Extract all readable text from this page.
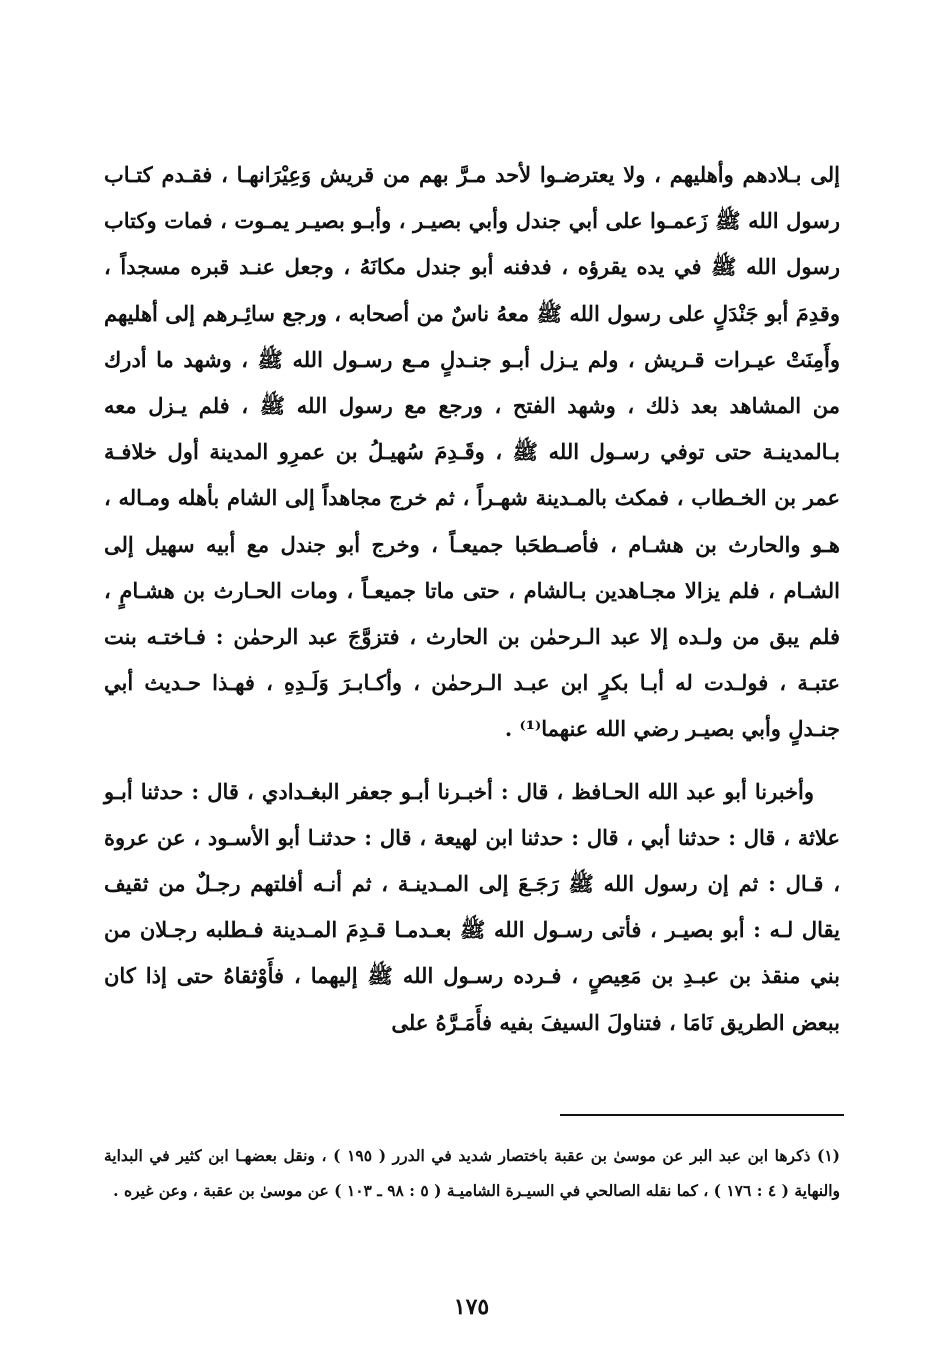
إلى بـلادهم وأهليهم ، ولا يعترضـوا لأحد مـرَّ بهم من قريش وَعِيْرَانهـا ، فقـدم كتـاب رسول الله ﷺ زَعمـوا على أبي جندل وأبي بصيـر ، وأبـو بصيـر يمـوت ، فمات وكتاب رسول الله ﷺ في يده يقرؤه ، فدفنه أبو جندل مكانَهُ ، وجعل عنـد قبره مسجداً ، وقدِمَ أبو جَنْدَلٍ على رسول الله ﷺ معهُ ناسٌ من أصحابه ، ورجع سائِـرهم إلى أهليهم وأَمِنَتْ عيـرات قـريش ، ولم يـزل أبـو جنـدلٍ مـع رسـول الله ﷺ ، وشهد ما أدرك من المشاهد بعد ذلك ، وشهد الفتح ، ورجع مع رسول الله ﷺ ، فلم يـزل معه بـالمدينـة حتى توفي رسـول الله ﷺ ، وقَـدِمَ سُهيـلُ بن عمرِو المدينة أول خلافـة عمر بن الخـطاب ، فمكث بالمـدينة شهـراً ، ثم خرج مجاهداً إلى الشام بأهله ومـاله ، هـو والحارث بن هشـام ، فأصـطحَبا جميعـاً ، وخرج أبو جندل مع أبيه سهيل إلى الشـام ، فلم يزالا مجـاهدين بـالشام ، حتى ماتا جميعـاً ، ومات الحـارث بن هشـامٍ ، فلم يبق من ولـده إلا عبد الـرحمٰن بن الحارث ، فتزوَّجَ عبد الرحمٰن : فـاختـه بنت عتبـة ، فولـدت له أبـا بكرٍ ابن عبـد الـرحمٰن ، وأكـابـرَ وَلَـدِهِ ، فهـذا حـديث أبي جنـدلٍ وأبي بصيـر رضي الله عنهما⁽¹⁾ .

وأخبرنا أبو عبد الله الحـافظ ، قال : أخبـرنا أبـو جعفر البغـدادي ، قال : حدثنا أبـو علاثة ، قال : حدثنا أبي ، قال : حدثنا ابن لهيعة ، قال : حدثنـا أبو الأسـود ، عن عروة ، قـال : ثم إن رسول الله ﷺ رَجَـعَ إلى المـدينـة ، ثم أنـه أفلتهم رجـلٌ من ثقيف يقال لـه : أبو بصيـر ، فأتى رسـول الله ﷺ بعـدمـا قـدِمَ المـدينة فـطلبه رجـلان من بني منقذ بن عبـدِ بن مَعِيصٍ ، فـرده رسـول الله ﷺ إليهما ، فأَوْثقاهُ حتى إذا كان ببعض الطريق نَامَا ، فتناولَ السيفَ بفيه فأَمَـرَّهُ على

(١) ذكرها ابن عبد البر عن موسىٰ بن عقبة باختصار شديد في الدرر ( ١٩٥ ) ، ونقل بعضهـا ابن كثير في البداية والنهاية ( ٤ : ١٧٦ ) ، كما نقله الصالحي في السيـرة الشاميـة ( ٥ : ٩٨ ـ ١٠٣ ) عن موسىٰ بن عقبة ، وعن غيره .

١٧٥
